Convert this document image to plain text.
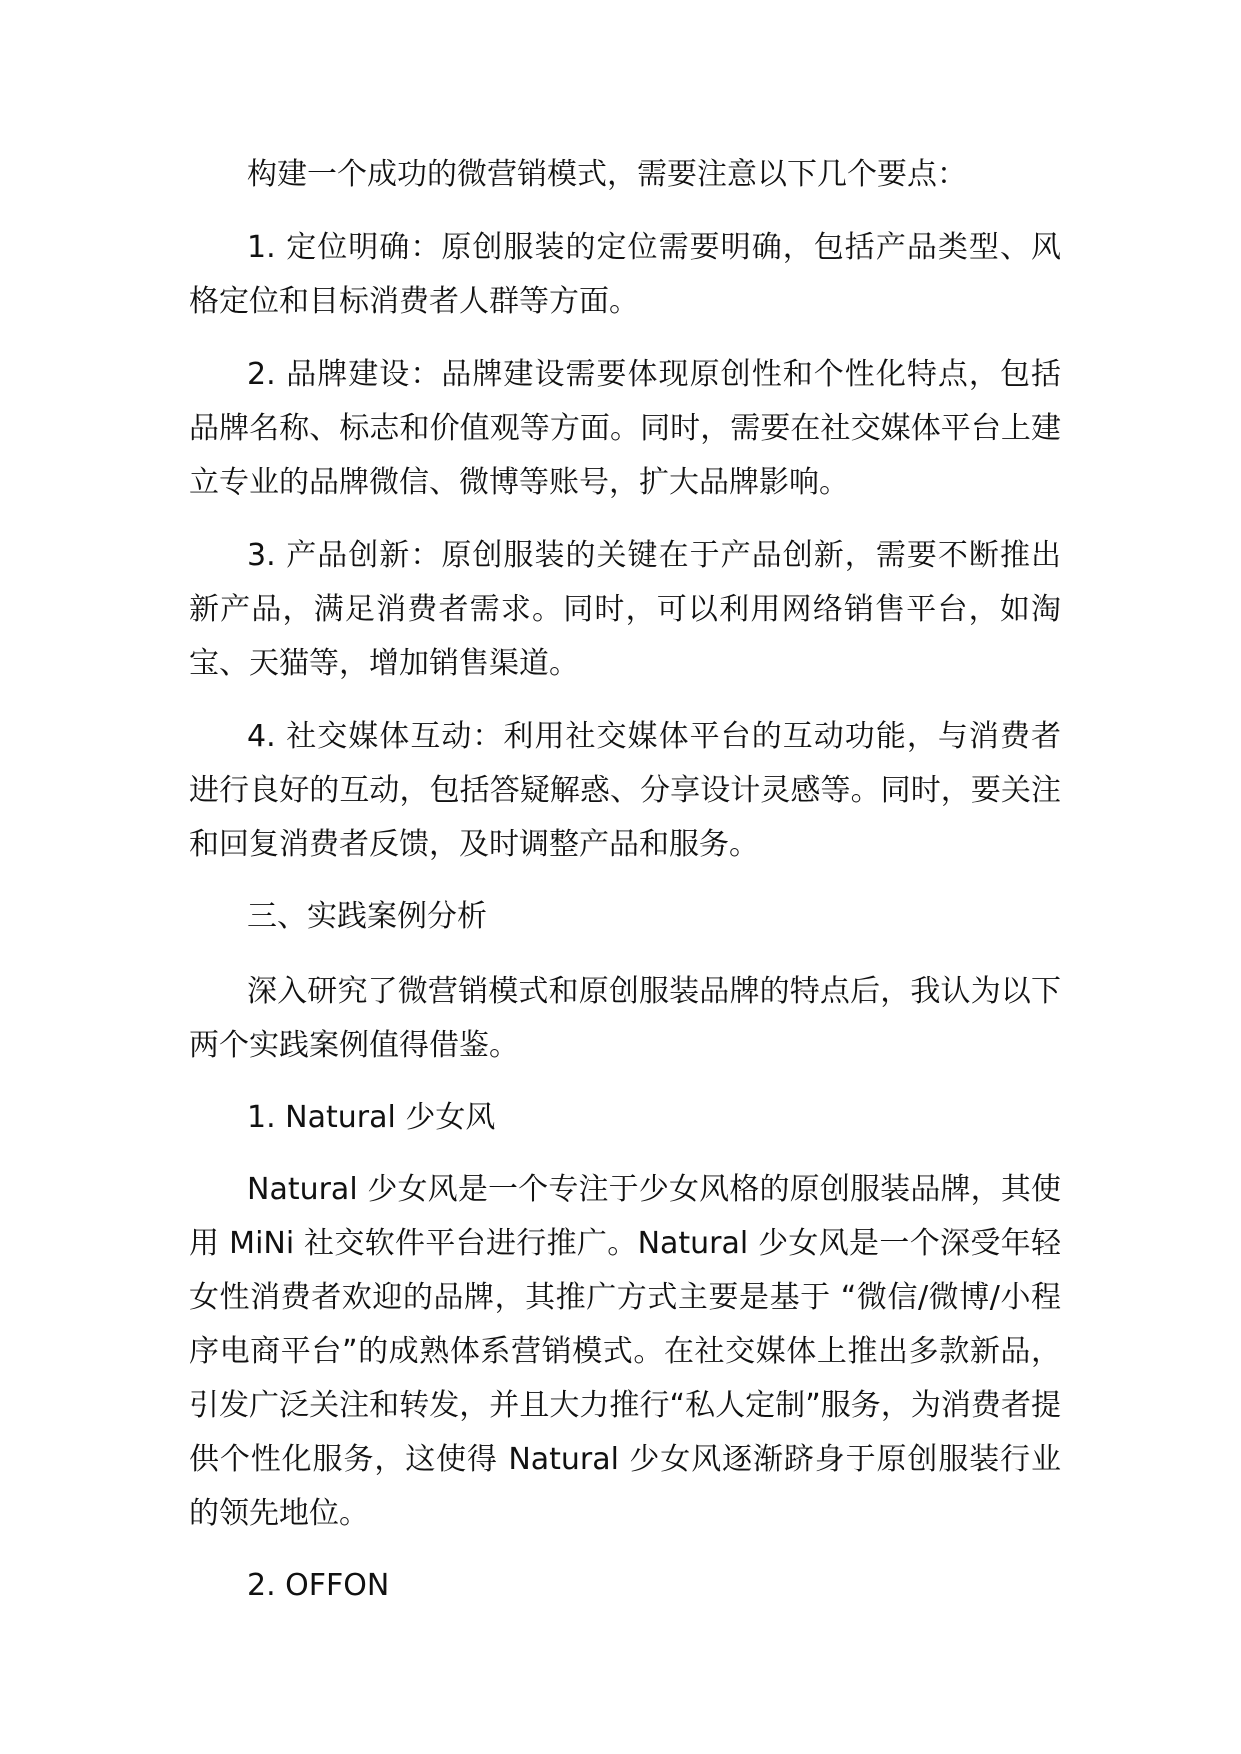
构建一个成功的微营销模式，需要注意以下几个要点：

1. 定位明确：原创服装的定位需要明确，包括产品类型、风格定位和目标消费者人群等方面。

2. 品牌建设：品牌建设需要体现原创性和个性化特点，包括品牌名称、标志和价值观等方面。同时，需要在社交媒体平台上建立专业的品牌微信、微博等账号，扩大品牌影响。

3. 产品创新：原创服装的关键在于产品创新，需要不断推出新产品，满足消费者需求。同时，可以利用网络销售平台，如淘宝、天猫等，增加销售渠道。

4. 社交媒体互动：利用社交媒体平台的互动功能，与消费者进行良好的互动，包括答疑解惑、分享设计灵感等。同时，要关注和回复消费者反馈，及时调整产品和服务。

三、实践案例分析

深入研究了微营销模式和原创服装品牌的特点后，我认为以下两个实践案例值得借鉴。

1. Natural 少女风

Natural 少女风是一个专注于少女风格的原创服装品牌，其使用 MiNi 社交软件平台进行推广。Natural 少女风是一个深受年轻女性消费者欢迎的品牌，其推广方式主要是基于 “微信/微博/小程序电商平台”的成熟体系营销模式。在社交媒体上推出多款新品，引发广泛关注和转发，并且大力推行“私人定制”服务，为消费者提供个性化服务，这使得 Natural 少女风逐渐跻身于原创服装行业的领先地位。

2. OFFON
